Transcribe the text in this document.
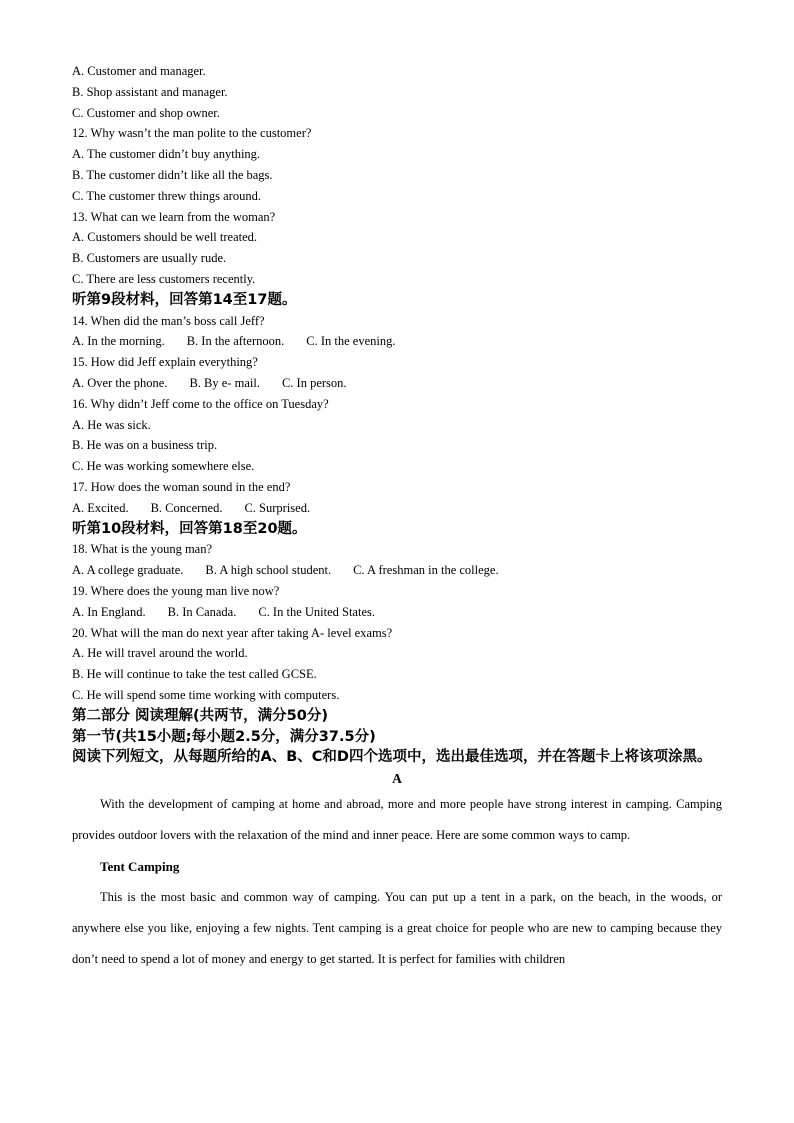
A. Customer and manager.
B. Shop assistant and manager.
C. Customer and shop owner.
12. Why wasn’t the man polite to the customer?
A. The customer didn’t buy anything.
B. The customer didn’t like all the bags.
C. The customer threw things around.
13. What can we learn from the woman?
A. Customers should be well treated.
B. Customers are usually rude.
C. There are less customers recently.
听第9段材料，回答第14至17题。
14. When did the man’s boss call Jeff?
A. In the morning. B. In the afternoon. C. In the evening.
15. How did Jeff explain everything?
A. Over the phone. B. By e- mail. C. In person.
16. Why didn’t Jeff come to the office on Tuesday?
A. He was sick.
B. He was on a business trip.
C. He was working somewhere else.
17. How does the woman sound in the end?
A. Excited. B. Concerned. C. Surprised.
听第10段材料，回答第18至20题。
18. What is the young man?
A. A college graduate. B. A high school student. C. A freshman in the college.
19. Where does the young man live now?
A. In England. B. In Canada. C. In the United States.
20. What will the man do next year after taking A- level exams?
A. He will travel around the world.
B. He will continue to take the test called GCSE.
C. He will spend some time working with computers.
第二部分 阅读理解(共两节，满分50分)
第一节(共15小题;每小题2.5分，满分37.5分)
阅读下列短文，从每题所给的A、B、C和D四个选项中，选出最佳选项，并在答题卡上将该项涂黑。
A

With the development of camping at home and abroad, more and more people have strong interest in camping. Camping provides outdoor lovers with the relaxation of the mind and inner peace. Here are some common ways to camp.

Tent Camping

This is the most basic and common way of camping. You can put up a tent in a park, on the beach, in the woods, or anywhere else you like, enjoying a few nights. Tent camping is a great choice for people who are new to camping because they don’t need to spend a lot of money and energy to get started. It is perfect for families with children
